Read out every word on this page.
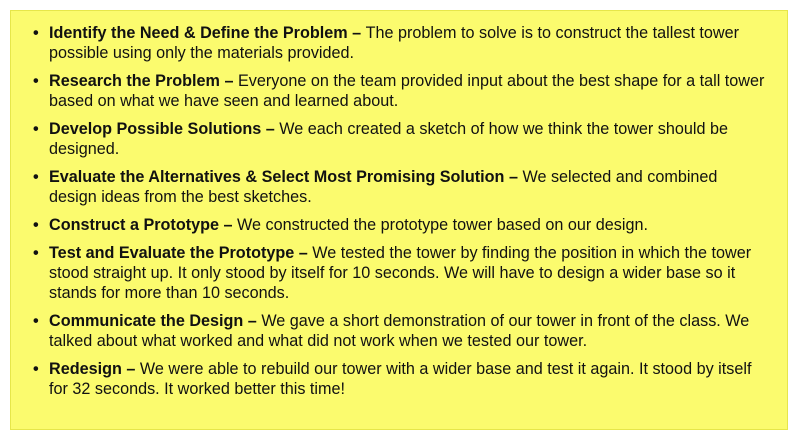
• Identify the Need & Define the Problem – The problem to solve is to construct the tallest tower possible using only the materials provided.
• Research the Problem – Everyone on the team provided input about the best shape for a tall tower based on what we have seen and learned about.
• Develop Possible Solutions – We each created a sketch of how we think the tower should be designed.
• Evaluate the Alternatives & Select Most Promising Solution – We selected and combined design ideas from the best sketches.
• Construct a Prototype – We constructed the prototype tower based on our design.
• Test and Evaluate the Prototype – We tested the tower by finding the position in which the tower stood straight up. It only stood by itself for 10 seconds. We will have to design a wider base so it stands for more than 10 seconds.
• Communicate the Design – We gave a short demonstration of our tower in front of the class. We talked about what worked and what did not work when we tested our tower.
• Redesign – We were able to rebuild our tower with a wider base and test it again. It stood by itself for 32 seconds. It worked better this time!
